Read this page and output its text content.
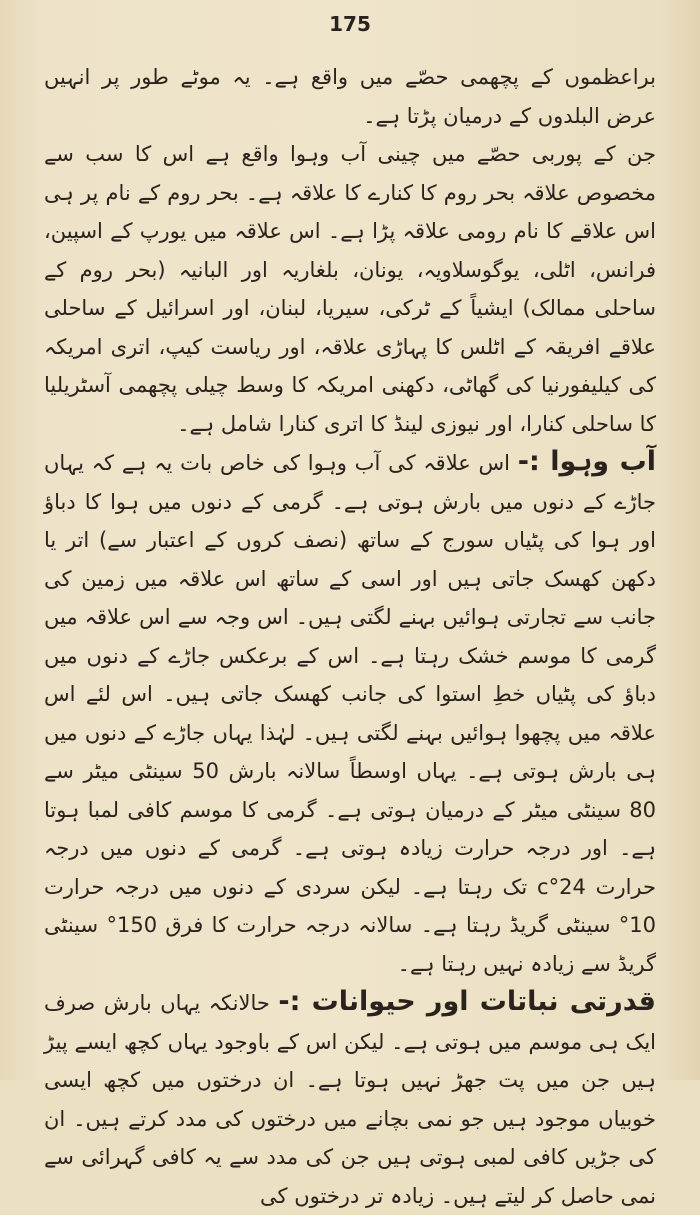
175

براعظموں کے پچھمی حصّے میں واقع ہے۔ یہ موٹے طور پر انہیں عرض البلدوں کے درمیان پڑتا ہے۔

جن کے پوربی حصّے میں چینی آب وہوا واقع ہے اس کا سب سے مخصوص علاقہ بحر روم کا کنارے کا علاقہ ہے۔ بحر روم کے نام پر ہی اس علاقے کا نام رومی علاقہ پڑا ہے۔ اس علاقہ میں یورپ کے اسپین، فرانس، اٹلی، یوگوسلاویہ، یونان، بلغاریہ اور البانیہ (بحر روم کے ساحلی ممالک) ایشیاً کے ٹرکی، سیریا، لبنان، اور اسرائیل کے ساحلی علاقے افریقہ کے اٹلس کا پہاڑی علاقہ، اور ریاست کیپ، اتری امریکہ کی کیلیفورنیا کی گھاٹی، دکھنی امریکہ کا وسط چیلی پچھمی آسٹریلیا کا ساحلی کنارا، اور نیوزی لینڈ کا اتری کنارا شامل ہے۔

آب وہوا :- اس علاقہ کی آب وہوا کی خاص بات یہ ہے کہ یہاں جاڑے کے دنوں میں بارش ہوتی ہے۔ گرمی کے دنوں میں ہوا کا دباؤ اور ہوا کی پٹیاں سورج کے ساتھ (نصف کروں کے اعتبار سے) اتر یا دکھن کھسک جاتی ہیں اور اسی کے ساتھ اس علاقہ میں زمین کی جانب سے تجارتی ہوائیں بہنے لگتی ہیں۔ اس وجہ سے اس علاقہ میں گرمی کا موسم خشک رہتا ہے۔ اس کے برعکس جاڑے کے دنوں میں دباؤ کی پٹیاں خطِ استوا کی جانب کھسک جاتی ہیں۔ اس لئے اس علاقہ میں پچھوا ہوائیں بہنے لگتی ہیں۔ لہٰذا یہاں جاڑے کے دنوں میں ہی بارش ہوتی ہے۔ یہاں اوسطاً سالانہ بارش 50 سینٹی میٹر سے 80 سینٹی میٹر کے درمیان ہوتی ہے۔ گرمی کا موسم کافی لمبا ہوتا ہے۔ اور درجہ حرارت زیادہ ہوتی ہے۔ گرمی کے دنوں میں درجہ حرارت 24°c تک رہتا ہے۔ لیکن سردی کے دنوں میں درجہ حرارت 10° سینٹی گریڈ رہتا ہے۔ سالانہ درجہ حرارت کا فرق 150° سینٹی گریڈ سے زیادہ نہیں رہتا ہے۔

قدرتی نباتات اور حیوانات :- حالانکہ یہاں بارش صرف ایک ہی موسم میں ہوتی ہے۔ لیکن اس کے باوجود یہاں کچھ ایسے پیڑ ہیں جن میں پت جھڑ نہیں ہوتا ہے۔ ان درختوں میں کچھ ایسی خوبیاں موجود ہیں جو نمی بچانے میں درختوں کی مدد کرتے ہیں۔ ان کی جڑیں کافی لمبی ہوتی ہیں جن کی مدد سے یہ کافی گہرائی سے نمی حاصل کر لیتے ہیں۔ زیادہ تر درختوں کی
